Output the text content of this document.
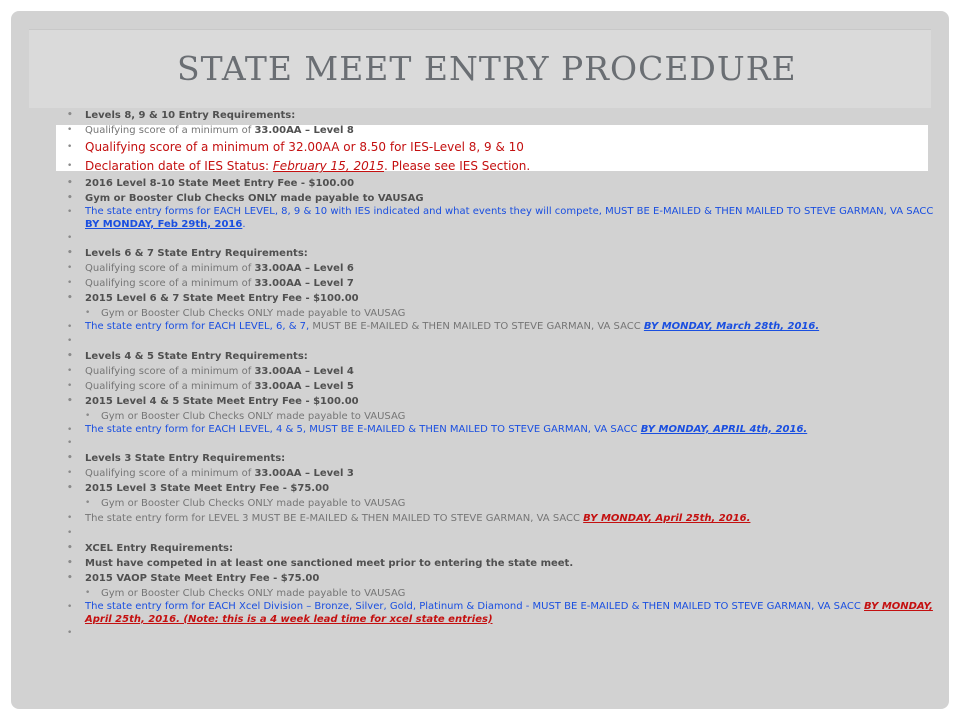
STATE MEET ENTRY PROCEDURE
• Levels 8, 9 & 10 Entry Requirements:
• Qualifying score of a minimum of 33.00AA – Level 8
• Qualifying score of a minimum of 32.00AA or 8.50 for IES-Level 8, 9 & 10
• Declaration date of IES Status: February 15, 2015. Please see IES Section.
• 2016 Level 8-10 State Meet Entry Fee - $100.00
• Gym or Booster Club Checks ONLY made payable to VAUSAG
• The state entry forms for EACH LEVEL, 8, 9 & 10 with IES indicated and what events they will compete, MUST BE E-MAILED & THEN MAILED TO STEVE GARMAN, VA SACC BY MONDAY, Feb 29th, 2016.
•
• Levels 6 & 7 State Entry Requirements:
• Qualifying score of a minimum of 33.00AA – Level 6
• Qualifying score of a minimum of 33.00AA – Level 7
• 2015 Level 6 & 7 State Meet Entry Fee - $100.00
• Gym or Booster Club Checks ONLY made payable to VAUSAG
• The state entry form for EACH LEVEL, 6, & 7, MUST BE E-MAILED & THEN MAILED TO STEVE GARMAN, VA SACC BY MONDAY, March 28th, 2016.
•
• Levels 4 & 5 State Entry Requirements:
• Qualifying score of a minimum of 33.00AA – Level 4
• Qualifying score of a minimum of 33.00AA – Level 5
• 2015 Level 4 & 5 State Meet Entry Fee - $100.00
• Gym or Booster Club Checks ONLY made payable to VAUSAG
• The state entry form for EACH LEVEL, 4 & 5, MUST BE E-MAILED & THEN MAILED TO STEVE GARMAN, VA SACC BY MONDAY, APRIL 4th, 2016.
•
• Levels 3 State Entry Requirements:
• Qualifying score of a minimum of 33.00AA – Level 3
• 2015 Level 3 State Meet Entry Fee - $75.00
• Gym or Booster Club Checks ONLY made payable to VAUSAG
• The state entry form for LEVEL 3 MUST BE E-MAILED & THEN MAILED TO STEVE GARMAN, VA SACC BY MONDAY, April 25th, 2016.
•
• XCEL Entry Requirements:
• Must have competed in at least one sanctioned meet prior to entering the state meet.
• 2015 VAOP State Meet Entry Fee - $75.00
• Gym or Booster Club Checks ONLY made payable to VAUSAG
• The state entry form for EACH Xcel Division – Bronze, Silver, Gold, Platinum & Diamond - MUST BE E-MAILED & THEN MAILED TO STEVE GARMAN, VA SACC BY MONDAY, April 25th, 2016. (Note: this is a 4 week lead time for xcel state entries)
•
